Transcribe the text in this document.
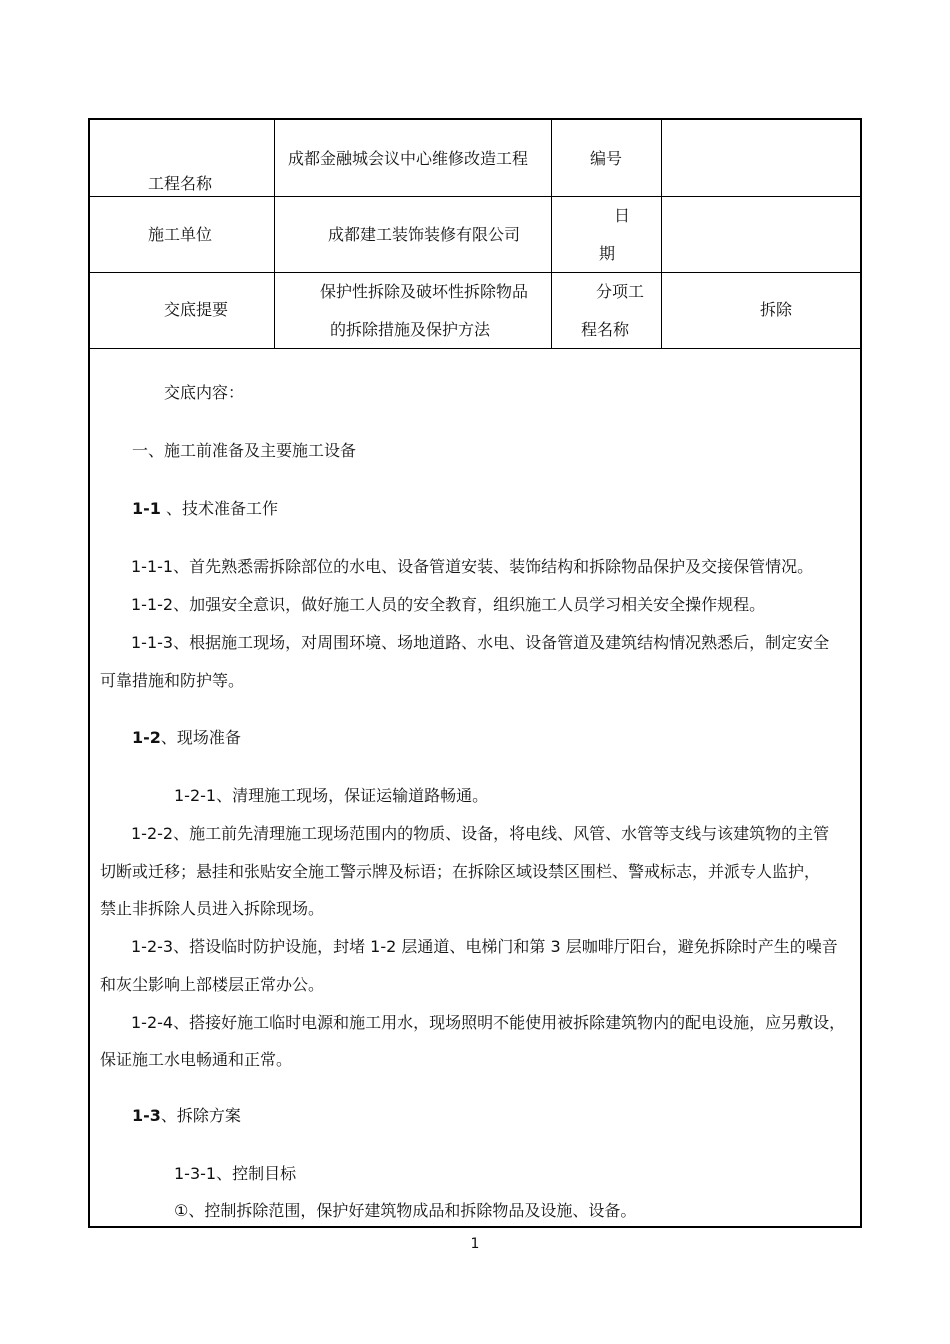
工程名称
成都金融城会议中心维修改造工程	编号
施工单位	成都建工装饰装修有限公司
日
期
交底提要
保护性拆除及破坏性拆除物品
的拆除措施及保护方法
分项工
程名称
拆除
交底内容：
一、施工前准备及主要施工设备
1-1 、技术准备工作
1-1-1、首先熟悉需拆除部位的水电、设备管道安装、装饰结构和拆除物品保护及交接保管情况。
1-1-2、加强安全意识，做好施工人员的安全教育，组织施工人员学习相关安全操作规程。
1-1-3、根据施工现场，对周围环境、场地道路、水电、设备管道及建筑结构情况熟悉后，制定安全
可靠措施和防护等。
1-2、现场准备
1-2-1、清理施工现场，保证运输道路畅通。
1-2-2、施工前先清理施工现场范围内的物质、设备，将电线、风管、水管等支线与该建筑物的主管
切断或迁移；悬挂和张贴安全施工警示牌及标语；在拆除区域设禁区围栏、警戒标志，并派专人监护，
禁止非拆除人员进入拆除现场。
1-2-3、搭设临时防护设施，封堵 1-2 层通道、电梯门和第 3 层咖啡厅阳台，避免拆除时产生的噪音
和灰尘影响上部楼层正常办公。
1-2-4、搭接好施工临时电源和施工用水，现场照明不能使用被拆除建筑物内的配电设施，应另敷设，
保证施工水电畅通和正常。
1-3、拆除方案
1-3-1、控制目标
①、控制拆除范围，保护好建筑物成品和拆除物品及设施、设备。
1
